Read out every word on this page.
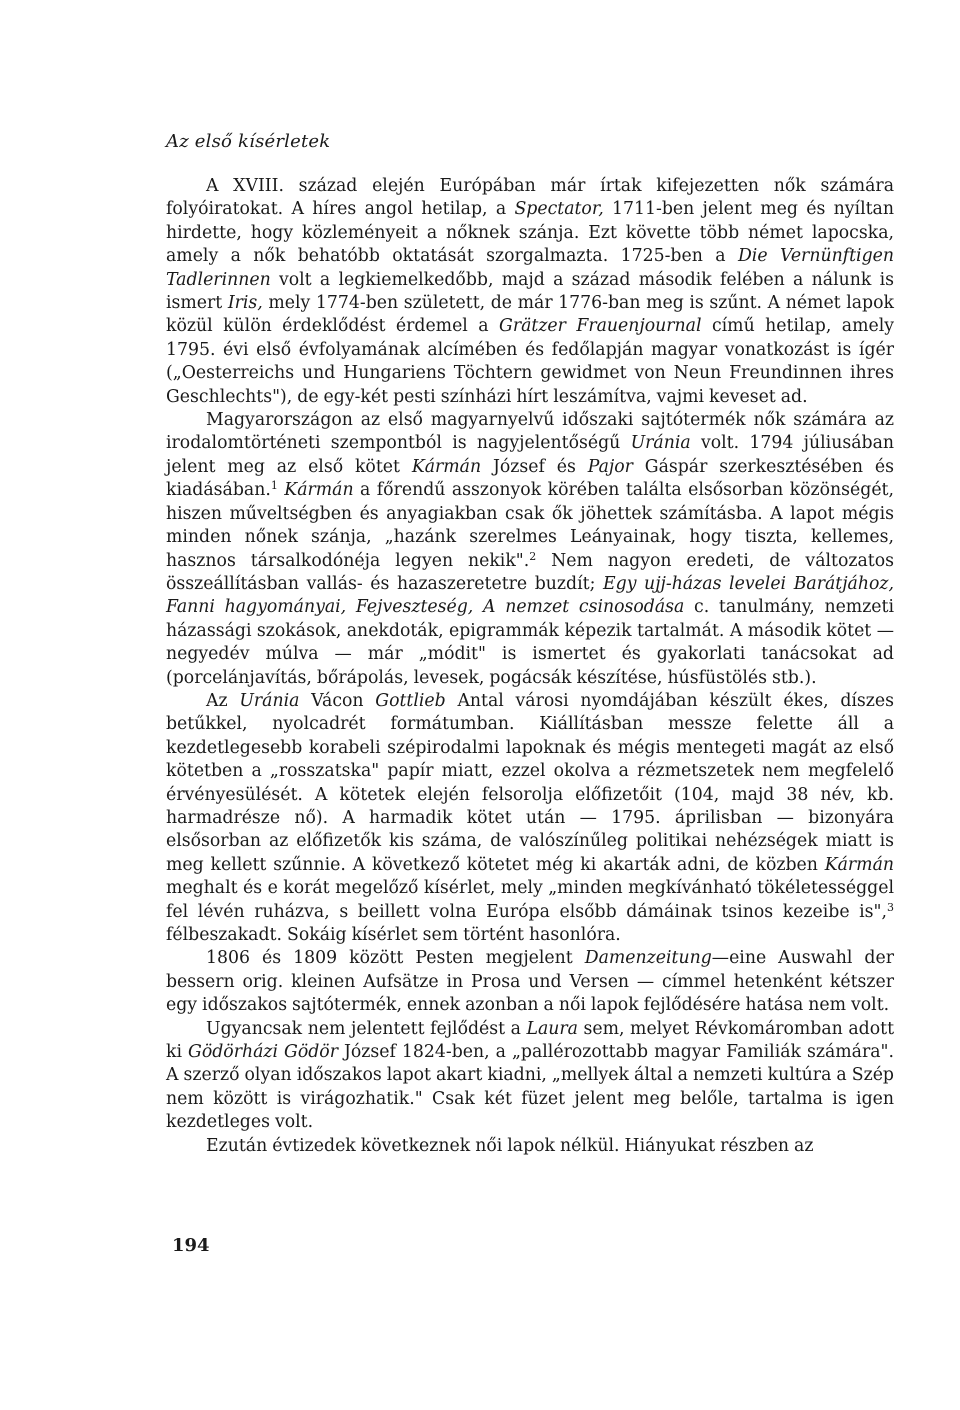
Az első kísérletek

A XVIII. század elején Európában már írtak kifejezetten nők számára folyóiratokat. A híres angol hetilap, a Spectator, 1711-ben jelent meg és nyíltan hirdette, hogy közleményeit a nőknek szánja. Ezt követte több német lapocska, amely a nők behatóbb oktatását szorgalmazta. 1725-ben a Die Vernünftigen Tadlerinnen volt a legkiemelkedőbb, majd a század második felében a nálunk is ismert Iris, mely 1774-ben született, de már 1776-ban meg is szűnt. A német lapok közül külön érdeklődést érdemel a Grätzer Frauenjournal című hetilap, amely 1795. évi első évfolyamának alcímében és fedőlapján magyar vonatkozást is ígér („Oesterreichs und Hungariens Töchtern gewidmet von Neun Freundinnen ihres Geschlechts"), de egy-két pesti színházi hírt leszámítva, vajmi keveset ad.

Magyarországon az első magyarnyelvű időszaki sajtótermék nők számára az irodalomtörténeti szempontból is nagyjelentőségű Uránia volt. 1794 júliusában jelent meg az első kötet Kármán József és Pajor Gáspár szerkesztésében és kiadásában.$^1$ Kármán a főrendű asszonyok körében találta elsősorban közönségét, hiszen műveltségben és anyagiakban csak ők jöhettek számításba. A lapot mégis minden nőnek szánja, „hazánk szerelmes Leányainak, hogy tiszta, kellemes, hasznos társalkodónéja legyen nekik".$^2$ Nem nagyon eredeti, de változatos összeállításban vallás- és hazaszeretetre buzdít; Egy ujj-házas levelei Barátjához, Fanni hagyományai, Fejveszteség, A nemzet csinosodása c. tanulmány, nemzeti házassági szokások, anekdoták, epigrammák képezik tartalmát. A második kötet — negyedév múlva — már „módit" is ismertet és gyakorlati tanácsokat ad (porcelánjavítás, bőrápolás, levesek, pogácsák készítése, húsfüstölés stb.).

Az Uránia Vácon Gottlieb Antal városi nyomdájában készült ékes, díszes betűkkel, nyolcadrét formátumban. Kiállításban messze felette áll a kezdetlegesebb korabeli szépirodalmi lapoknak és mégis mentegeti magát az első kötetben a „rosszatska" papír miatt, ezzel okolva a rézmetszetek nem megfelelő érvényesülését. A kötetek elején felsorolja előfizetőit (104, majd 38 név, kb. harmadrésze nő). A harmadik kötet után — 1795. áprilisban — bizonyára elsősorban az előfizetők kis száma, de valószínűleg politikai nehézségek miatt is meg kellett szűnnie. A következő kötetet még ki akarták adni, de közben Kármán meghalt és e korát megelőző kísérlet, mely „minden megkívánható tökéletességgel fel lévén ruházva, s beillett volna Európa elsőbb dámáinak tsinos kezeibe is",$^3$ félbeszakadt. Sokáig kísérlet sem történt hasonlóra.

1806 és 1809 között Pesten megjelent Damenzeitung—eine Auswahl der bessern orig. kleinen Aufsätze in Prosa und Versen — címmel hetenként kétszer egy időszakos sajtótermék, ennek azonban a női lapok fejlődésére hatása nem volt.

Ugyancsak nem jelentett fejlődést a Laura sem, melyet Révkomáromban adott ki Gödörházi Gödör József 1824-ben, a „pallérozottabb magyar Familiák számára". A szerző olyan időszakos lapot akart kiadni, „mellyek által a nemzeti kultúra a Szép nem között is virágozhatik." Csak két füzet jelent meg belőle, tartalma is igen kezdetleges volt.

Ezután évtizedek következnek női lapok nélkül. Hiányukat részben az

194
